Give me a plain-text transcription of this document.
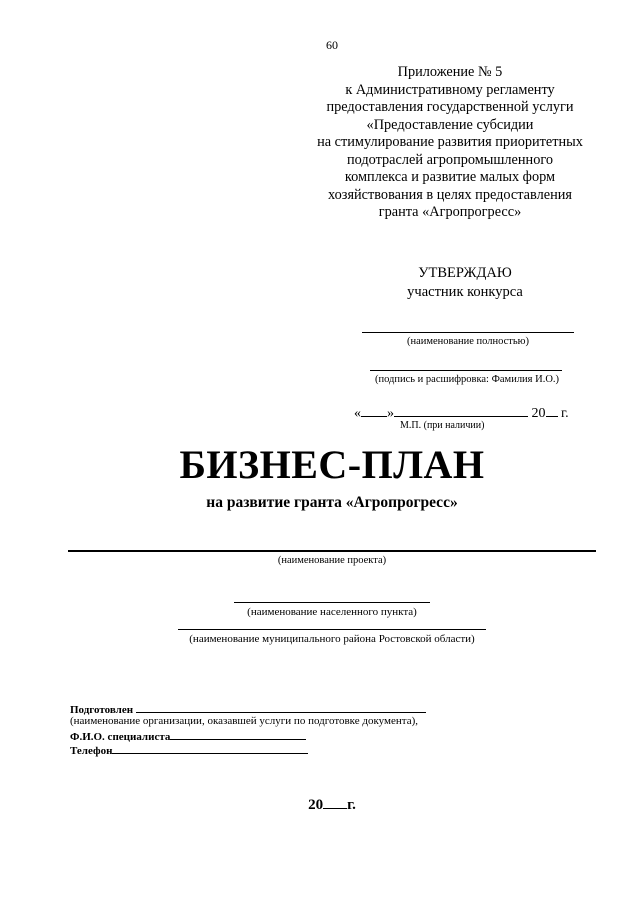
60
Приложение № 5
к Административному регламенту
предоставления государственной услуги
«Предоставление субсидии
на стимулирование развития приоритетных
подотраслей агропромышленного
комплекса и развитие малых форм
хозяйствования в целях предоставления
гранта «Агропрогресс»
УТВЕРЖДАЮ
участник конкурса
(наименование полностью)
(подпись и расшифровка: Фамилия И.О.)
« »	20 г.
М.П. (при наличии)
БИЗНЕС-ПЛАН
на развитие гранта «Агропрогресс»
(наименование проекта)
(наименование населенного пункта)
(наименование муниципального района Ростовской области)
Подготовлен
(наименование организации, оказавшей услуги по подготовке документа),
Ф.И.О. специалиста
Телефон
20 г.
